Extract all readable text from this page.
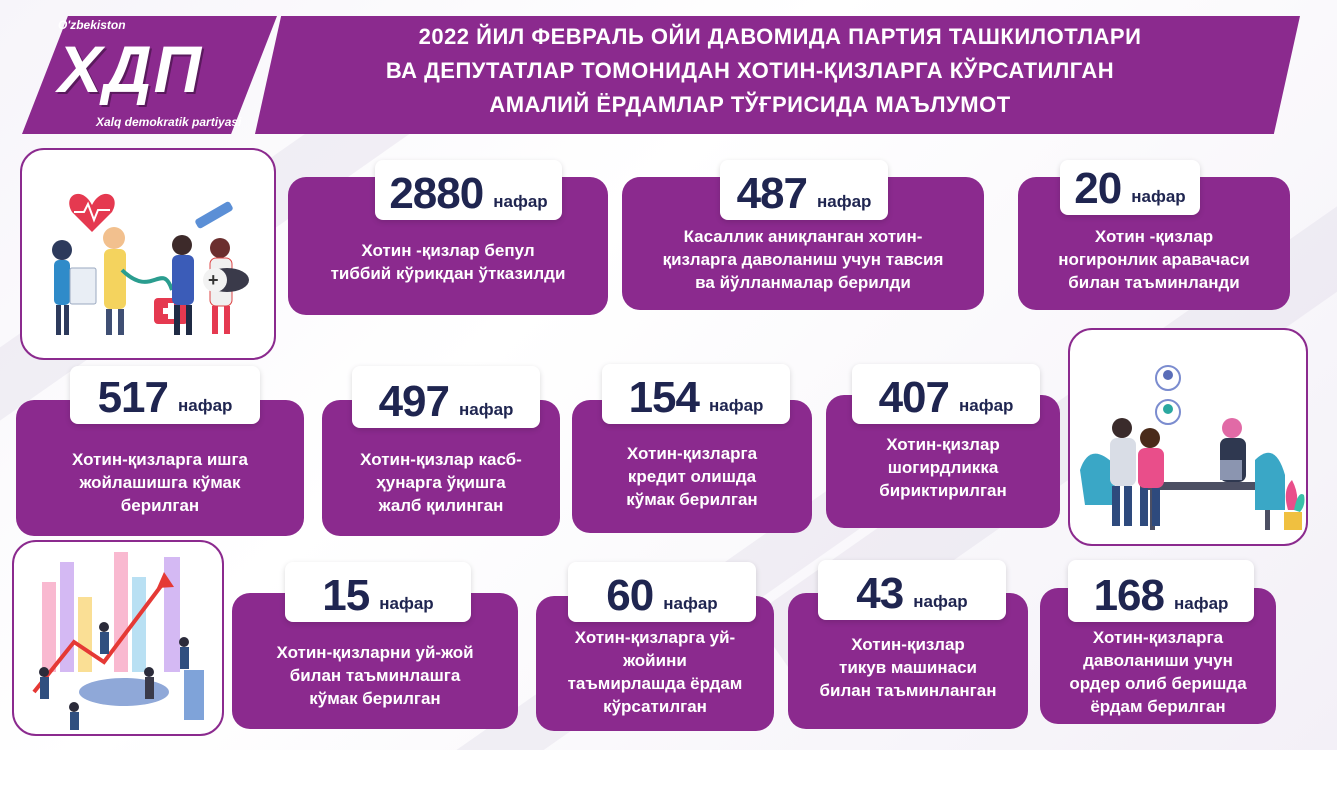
O'zbekiston
ХДП
Xalq demokratik partiyasi
2022 ЙИЛ ФЕВРАЛЬ ОЙИ ДАВОМИДА ПАРТИЯ ТАШКИЛОТЛАРИ
ВА ДЕПУТАТЛАР ТОМОНИДАН ХОТИН-ҚИЗЛАРГА КЎРСАТИЛГАН
АМАЛИЙ ЁРДАМЛАР ТЎҒРИСИДА МАЪЛУМОТ
+
Хотин -қизлар бепул
тиббий кўрикдан ўтказилди
2880 нафар
Касаллик аниқланган хотин-
қизларга даволаниш учун тавсия
ва йўлланмалар берилди
487 нафар
Хотин -қизлар
ногиронлик аравачаси
билан таъминланди
20 нафар
Хотин-қизларга ишга
жойлашишга кўмак
берилган
517 нафар
Хотин-қизлар касб-
ҳунарга ўқишга
жалб қилинган
497 нафар
Хотин-қизларга
кредит олишда
кўмак берилган
154 нафар
Хотин-қизлар
шогирдликка
бириктирилган
407 нафар
Хотин-қизларни уй-жой
билан таъминлашга
кўмак берилган
15 нафар
Хотин-қизларга уй-
жойини
таъмирлашда ёрдам
кўрсатилган
60 нафар
Хотин-қизлар
тикув машинаси
билан таъминланган
43 нафар
Хотин-қизларга
даволаниши учун
ордер олиб беришда
ёрдам берилган
168 нафар
